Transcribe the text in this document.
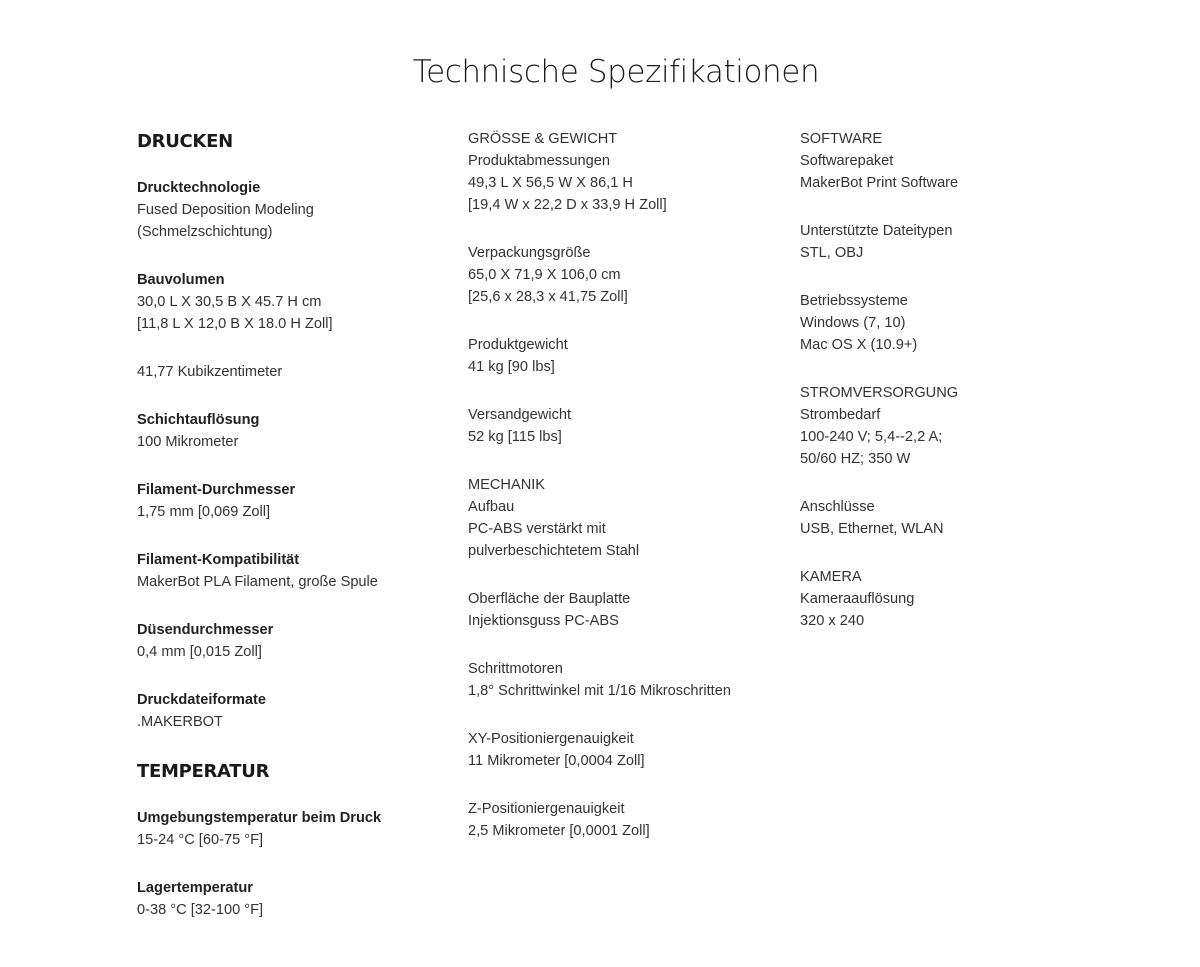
Technische Spezifikationen
DRUCKEN
Drucktechnologie
Fused Deposition Modeling
(Schmelzschichtung)
Bauvolumen
30,0 L X 30,5 B X 45.7 H cm
[11,8 L X 12,0 B X 18.0 H Zoll]
41,77 Kubikzentimeter
Schichtauflösung
100 Mikrometer
Filament-Durchmesser
1,75 mm [0,069 Zoll]
Filament-Kompatibilität
MakerBot PLA Filament, große Spule
Düsendurchmesser
0,4 mm [0,015 Zoll]
Druckdateiformate
.MAKERBOT
TEMPERATUR
Umgebungstemperatur beim Druck
15-24 °C [60-75 °F]
Lagertemperatur
0-38 °C [32-100 °F]
GRÖSSE & GEWICHT
Produktabmessungen
49,3 L X 56,5 W X 86,1 H
[19,4 W x 22,2 D x 33,9 H Zoll]
Verpackungsgröße
65,0 X 71,9 X 106,0 cm
[25,6 x 28,3 x 41,75 Zoll]
Produktgewicht
41 kg [90 lbs]
Versandgewicht
52 kg [115 lbs]
MECHANIK
Aufbau
PC-ABS verstärkt mit
pulverbeschichtetem Stahl
Oberfläche der Bauplatte
Injektionsguss PC-ABS
Schrittmotoren
1,8° Schrittwinkel mit 1/16 Mikroschritten
XY-Positioniergenauigkeit
11 Mikrometer [0,0004 Zoll]
Z-Positioniergenauigkeit
2,5 Mikrometer [0,0001 Zoll]
SOFTWARE
Softwarepaket
MakerBot Print Software
Unterstützte Dateitypen
STL, OBJ
Betriebssysteme
Windows (7, 10)
Mac OS X (10.9+)
STROMVERSORGUNG
Strombedarf
100-240 V; 5,4--2,2 A;
50/60 HZ; 350 W
Anschlüsse
USB, Ethernet, WLAN
KAMERA
Kameraauflösung
320 x 240
